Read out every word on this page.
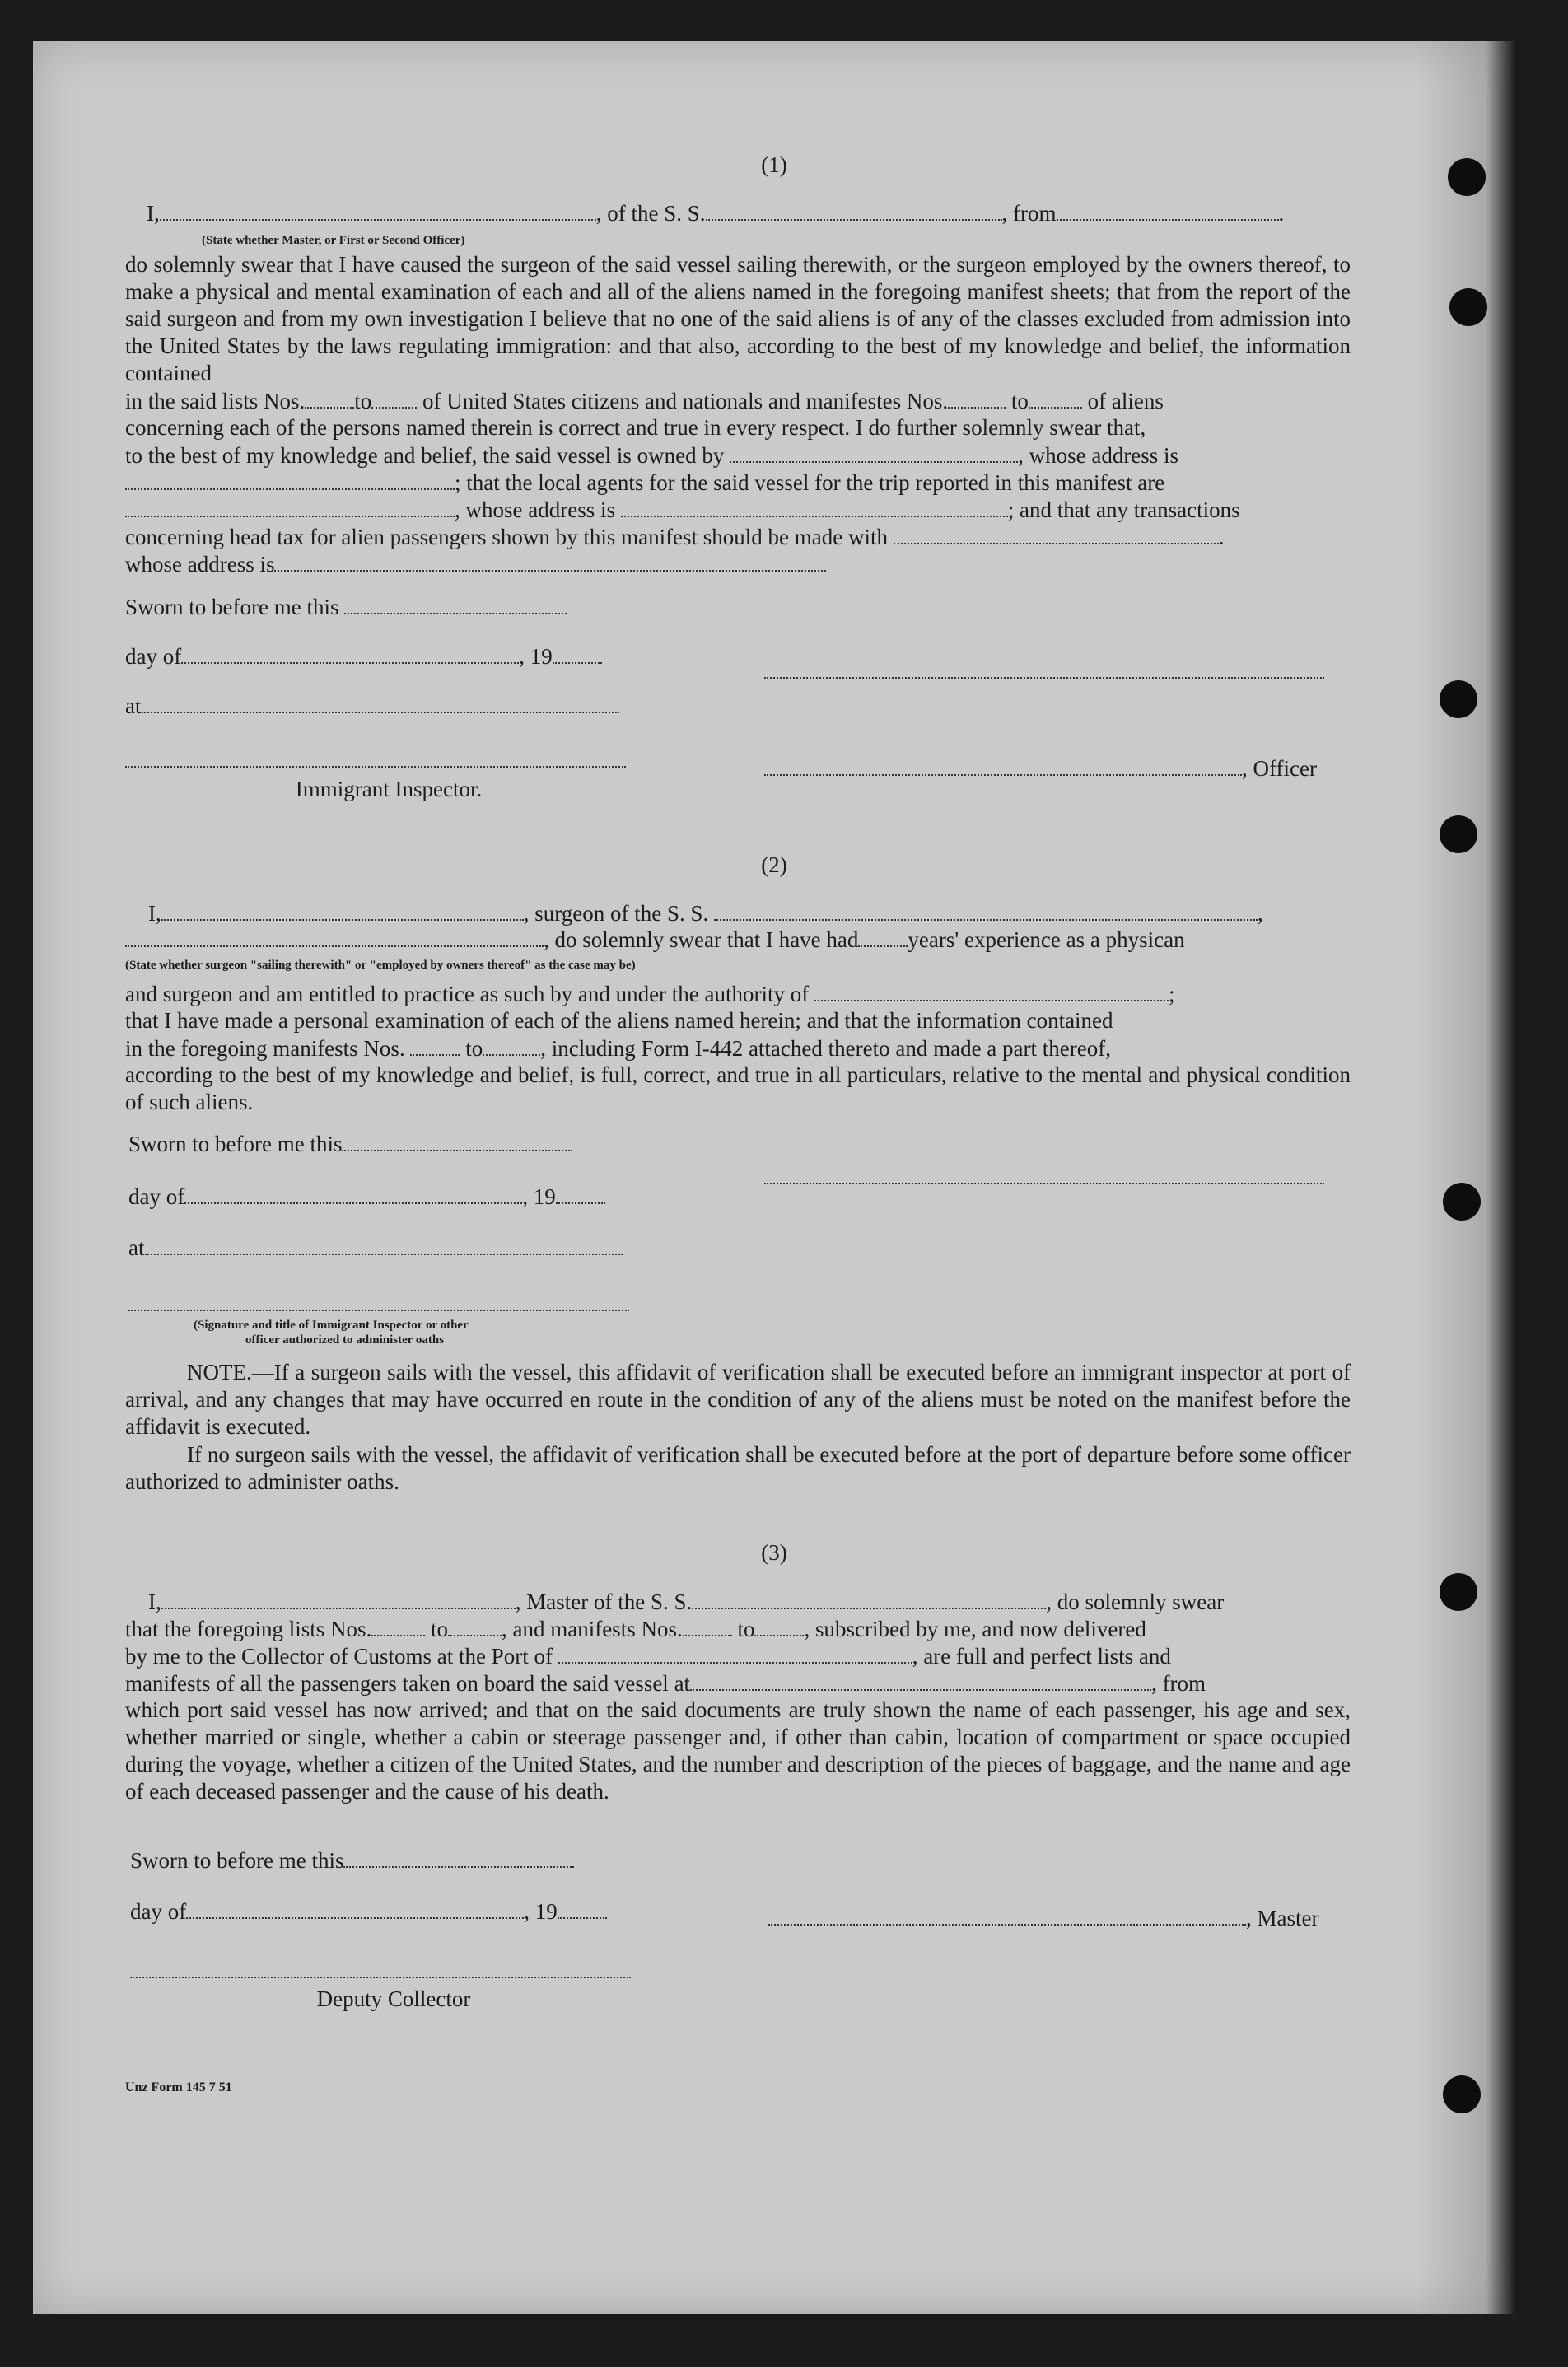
(1)
I,	, of the S. S.	, from	.
(State whether Master, or First or Second Officer)
do solemnly swear that I have caused the surgeon of the said vessel sailing therewith, or the surgeon employed by the owners thereof, to make a physical and mental examination of each and all of the aliens named in the foregoing manifest sheets; that from the report of the said surgeon and from my own investigation I believe that no one of the said aliens is of any of the classes excluded from admission into the United States by the laws regulating immigration: and that also, according to the best of my knowledge and belief, the information contained
in the said lists Nos. to of United States citizens and nationals and manifestes Nos.	to	of aliens
concerning each of the persons named therein is correct and true in every respect. I do further solemnly swear that,
to the best of my knowledge and belief, the said vessel is owned by	, whose address is
; that the local agents for the said vessel for the trip reported in this manifest are
, whose address is	; and that any transactions
concerning head tax for alien passengers shown by this manifest should be made with	.
whose address is
Sworn to before me this
day of	, 19
at
, Officer
Immigrant Inspector.
(2)
I,	, surgeon of the S. S.	,
, do solemnly swear that I have had years' experience as a physican
(State whether surgeon "sailing therewith" or "employed by owners thereof" as the case may be)
and surgeon and am entitled to practice as such by and under the authority of	;
that I have made a personal examination of each of the aliens named herein; and that the information contained
in the foregoing manifests Nos.	to	, including Form I-442 attached thereto and made a part thereof,
according to the best of my knowledge and belief, is full, correct, and true in all particulars, relative to the mental and physical condition of such aliens.
Sworn to before me this
day of	, 19
at
(Signature and title of Immigrant Inspector or other
officer authorized to administer oaths
NOTE.—If a surgeon sails with the vessel, this affidavit of verification shall be executed before an immigrant inspector at port of arrival, and any changes that may have occurred en route in the condition of any of the aliens must be noted on the manifest before the affidavit is executed.
If no surgeon sails with the vessel, the affidavit of verification shall be executed before at the port of departure before some officer authorized to administer oaths.
(3)
I,	, Master of the S. S.	, do solemnly swear
that the foregoing lists Nos.	to , and manifests Nos. to , subscribed by me, and now delivered
by me to the Collector of Customs at the Port of	, are full and perfect lists and
manifests of all the passengers taken on board the said vessel at	, from
which port said vessel has now arrived; and that on the said documents are truly shown the name of each passenger, his age and sex, whether married or single, whether a cabin or steerage passenger and, if other than cabin, location of compartment or space occupied during the voyage, whether a citizen of the United States, and the number and description of the pieces of baggage, and the name and age of each deceased passenger and the cause of his death.
Sworn to before me this
day of	, 19	, Master
Deputy Collector
Unz Form 145 7 51
